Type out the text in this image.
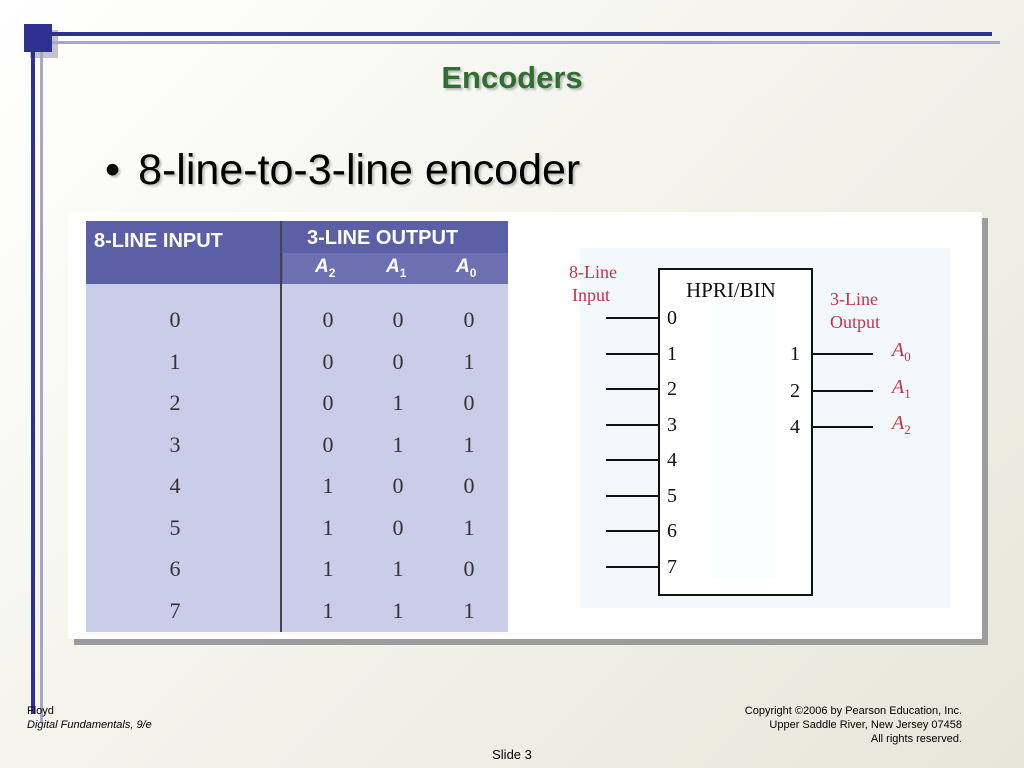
Encoders
• 8-line-to-3-line encoder
8-LINE INPUT	3-LINE OUTPUT
$A_2$	$A_1$	$A_0$
0	0	0	0
1	0	0	1
2	0	1	0
3	0	1	1
4	1	0	0
5	1	0	1
6	1	1	0
7	1	1	1
8-Line
Input	3-Line
Output
HPRI/BIN
0
1
2
3
4
5
6
7
1	$A_0$
2	$A_1$
4	$A_2$
Floyd
Digital Fundamentals, 9/e
Copyright ©2006 by Pearson Education, Inc.
Upper Saddle River, New Jersey 07458
All rights reserved.
Slide 3
